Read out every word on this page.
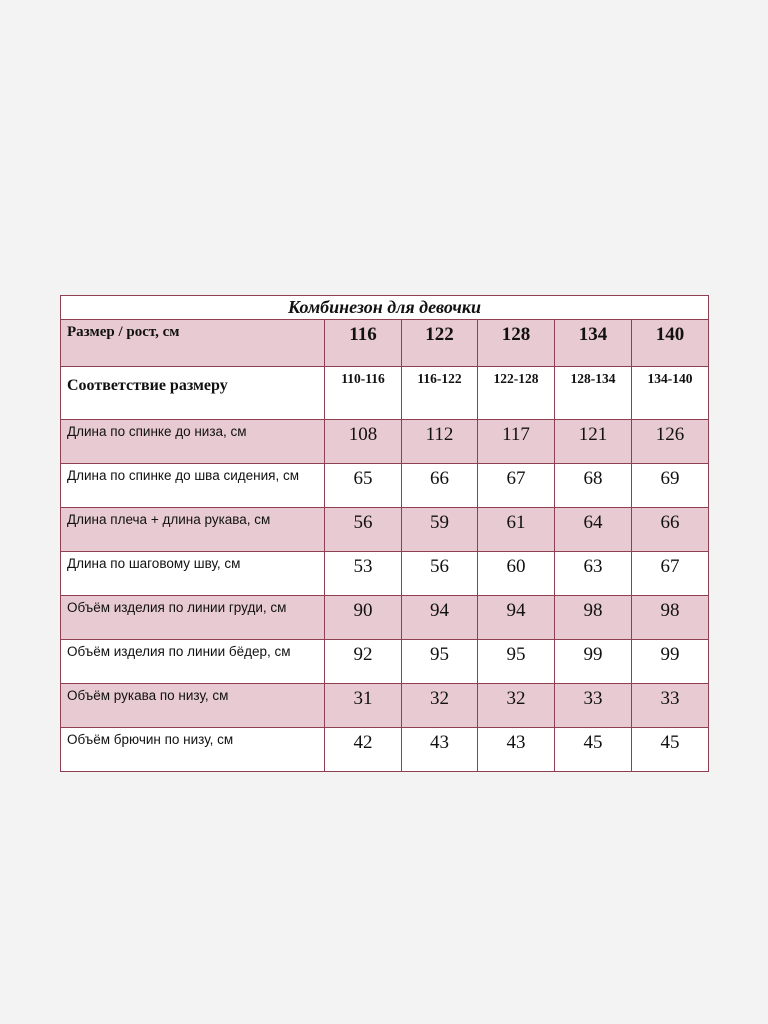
Комбинезон для девочки					
Размер / рост, см	116	122	128	134	140
Соответствие размеру	110-116	116-122	122-128	128-134	134-140
Длина по спинке до низа, см	108	112	117	121	126
Длина по спинке до шва сидения, см	65	66	67	68	69
Длина плеча + длина рукава, см	56	59	61	64	66
Длина по шаговому шву, см	53	56	60	63	67
Объём изделия по линии груди, см	90	94	94	98	98
Объём изделия по линии бёдер, см	92	95	95	99	99
Объём рукава по низу, см	31	32	32	33	33
Объём брючин по низу, см	42	43	43	45	45
